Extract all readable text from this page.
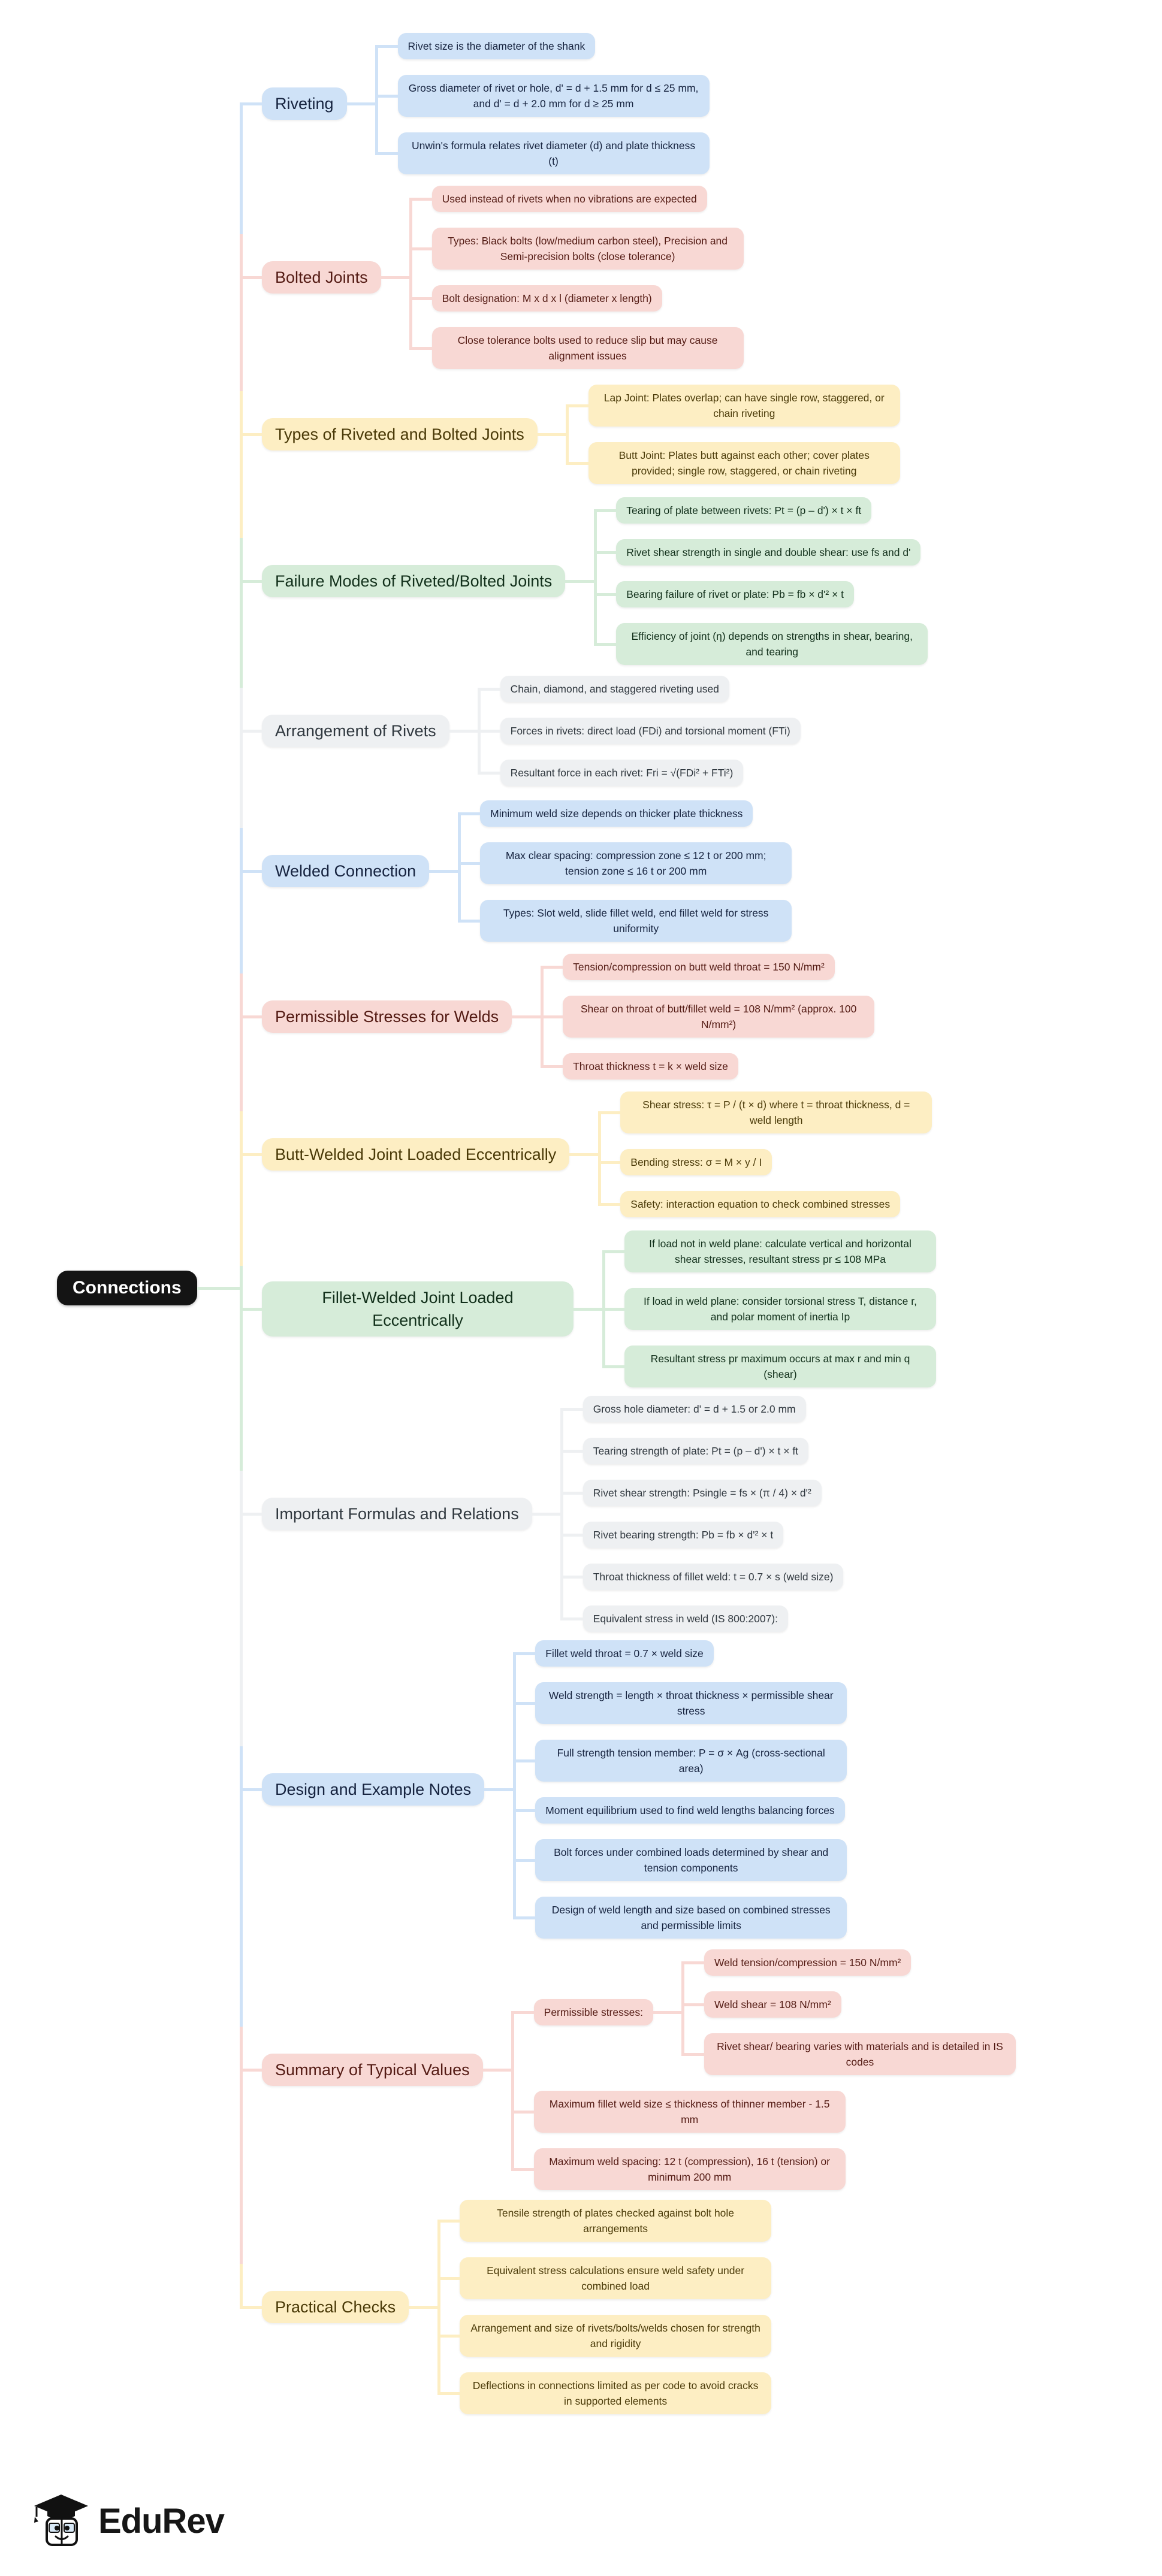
Connections
Riveting
Rivet size is the diameter of the shank
Gross diameter of rivet or hole, d' = d + 1.5 mm for d ≤ 25 mm, and d' = d + 2.0 mm for d ≥ 25 mm
Unwin's formula relates rivet diameter (d) and plate thickness (t)
Bolted Joints
Used instead of rivets when no vibrations are expected
Types: Black bolts (low/medium carbon steel), Precision and Semi-precision bolts (close tolerance)
Bolt designation: M x d x l (diameter x length)
Close tolerance bolts used to reduce slip but may cause alignment issues
Types of Riveted and Bolted Joints
Lap Joint: Plates overlap; can have single row, staggered, or chain riveting
Butt Joint: Plates butt against each other; cover plates provided; single row, staggered, or chain riveting
Failure Modes of Riveted/Bolted Joints
Tearing of plate between rivets: Pt = (p – d') × t × ft
Rivet shear strength in single and double shear: use fs and d'
Bearing failure of rivet or plate: Pb = fb × d'² × t
Efficiency of joint (η) depends on strengths in shear, bearing, and tearing
Arrangement of Rivets
Chain, diamond, and staggered riveting used
Forces in rivets: direct load (FDi) and torsional moment (FTi)
Resultant force in each rivet: Fri = √(FDi² + FTi²)
Welded Connection
Minimum weld size depends on thicker plate thickness
Max clear spacing: compression zone ≤ 12 t or 200 mm; tension zone ≤ 16 t or 200 mm
Types: Slot weld, slide fillet weld, end fillet weld for stress uniformity
Permissible Stresses for Welds
Tension/compression on butt weld throat = 150 N/mm²
Shear on throat of butt/fillet weld = 108 N/mm² (approx. 100 N/mm²)
Throat thickness t = k × weld size
Butt-Welded Joint Loaded Eccentrically
Shear stress: τ = P / (t × d) where t = throat thickness, d = weld length
Bending stress: σ = M × y / I
Safety: interaction equation to check combined stresses
Fillet-Welded Joint Loaded Eccentrically
If load not in weld plane: calculate vertical and horizontal shear stresses, resultant stress pr ≤ 108 MPa
If load in weld plane: consider torsional stress T, distance r, and polar moment of inertia Ip
Resultant stress pr maximum occurs at max r and min q (shear)
Important Formulas and Relations
Gross hole diameter: d' = d + 1.5 or 2.0 mm
Tearing strength of plate: Pt = (p – d') × t × ft
Rivet shear strength: Psingle = fs × (π / 4) × d'²
Rivet bearing strength: Pb = fb × d'² × t
Throat thickness of fillet weld: t = 0.7 × s (weld size)
Equivalent stress in weld (IS 800:2007):
Design and Example Notes
Fillet weld throat = 0.7 × weld size
Weld strength = length × throat thickness × permissible shear stress
Full strength tension member: P = σ × Ag (cross-sectional area)
Moment equilibrium used to find weld lengths balancing forces
Bolt forces under combined loads determined by shear and tension components
Design of weld length and size based on combined stresses and permissible limits
Summary of Typical Values
Permissible stresses:
Weld tension/compression = 150 N/mm²
Weld shear = 108 N/mm²
Rivet shear/ bearing varies with materials and is detailed in IS codes
Maximum fillet weld size ≤ thickness of thinner member - 1.5 mm
Maximum weld spacing: 12 t (compression), 16 t (tension) or minimum 200 mm
Practical Checks
Tensile strength of plates checked against bolt hole arrangements
Equivalent stress calculations ensure weld safety under combined load
Arrangement and size of rivets/bolts/welds chosen for strength and rigidity
Deflections in connections limited as per code to avoid cracks in supported elements
EduRev
